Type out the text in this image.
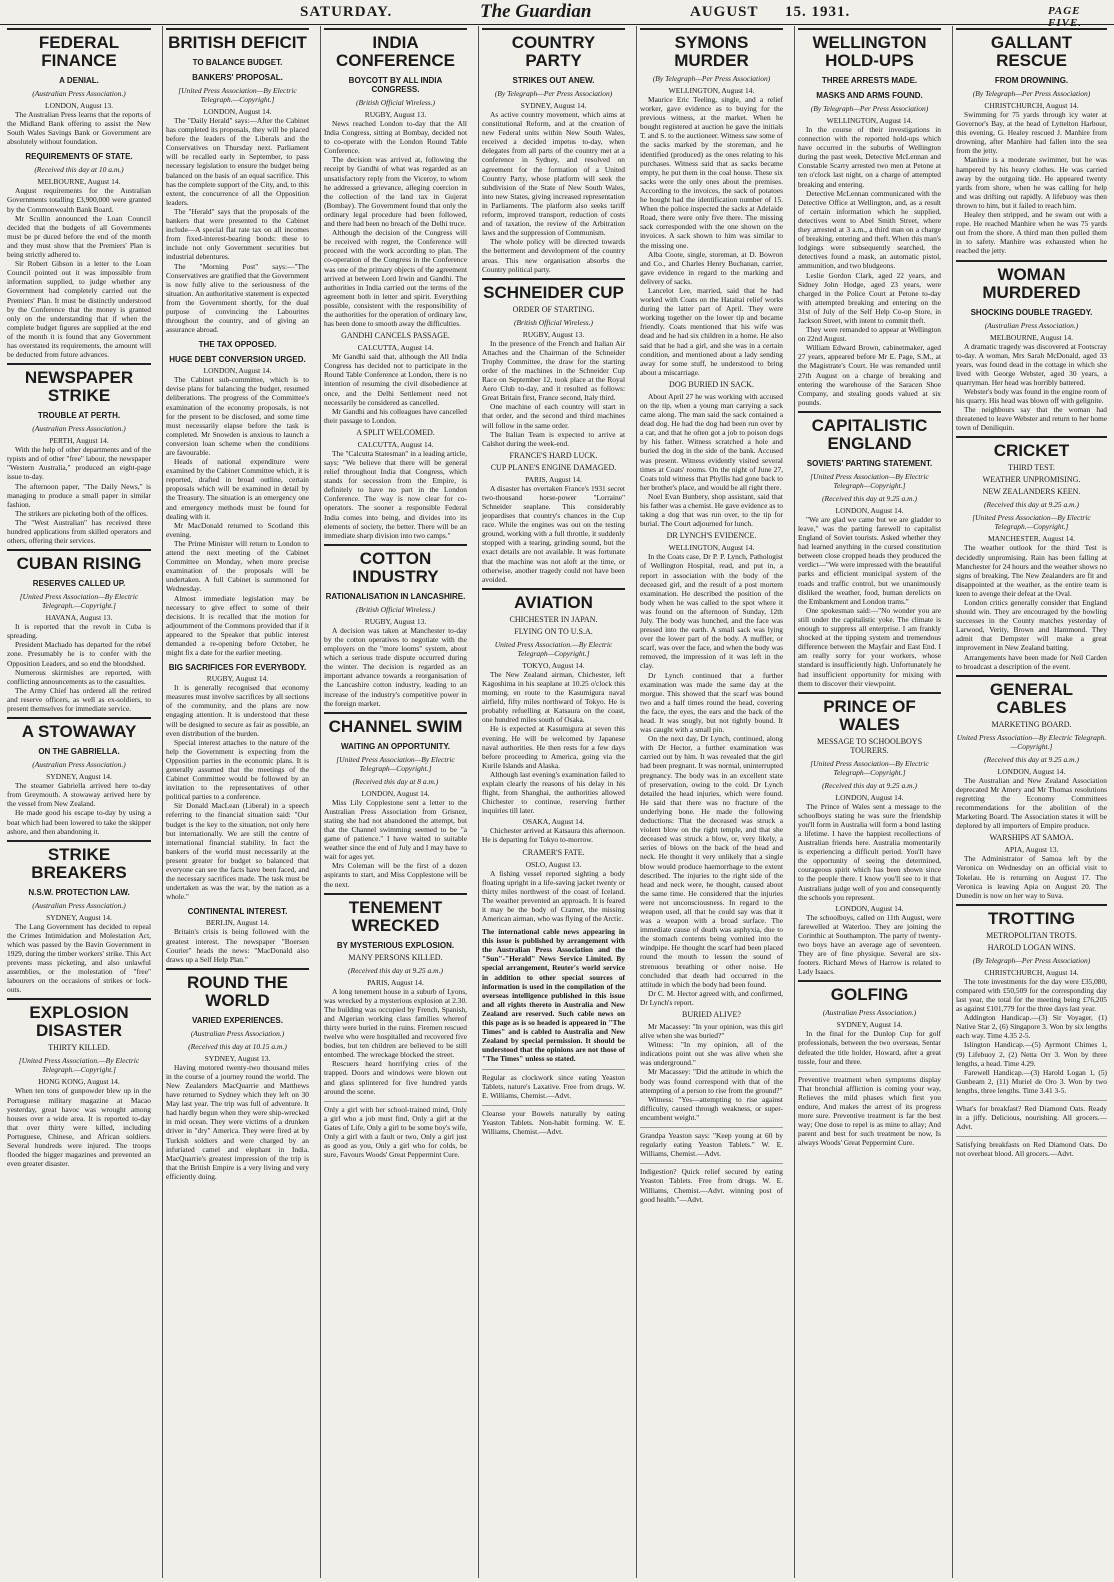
SATURDAY.	The Guardian	AUGUST 15. 1931.	PAGE FIVE.
FEDERAL FINANCE
A DENIAL.
(Australian Press Association.)
LONDON, August 13.

The Australian Press learns that the reports of the Midland Bank offering to assist the New South Wales Savings Bank or Government are absolutely without foundation.

REQUIREMENTS OF STATE.
(Received this day at 10 a.m.)
MELBOURNE, August 14.

August requirements for the Australian Governments totalling £3,900,000 were granted by the Commonwealth Bank Board.

Mr Scullin announced the Loan Council decided that the budgets of all Governments must be pr duced before the end of the month and they must show that the Premiers' Plan is being strictly adhered to.

Sir Robert Gibson in a letter to the Loan Council pointed out it was impossible from information supplied, to judge whether any Government had completely carried out the Premiers' Plan. It must be distinctly understood by the Conference that the money is granted only on the understanding that if when the complete budget figures are supplied at the end of the month it is found that any Government has overstated its requirements, the amount will be deducted from future advances.

NEWSPAPER STRIKE
TROUBLE AT PERTH.
(Australian Press Association.)
PERTH, August 14.

With the help of other departments and of the typists and of other "free" labour, the newspaper "Western Australia," produced an eight-page issue to-day.

The afternoon paper, "The Daily News," is managing to produce a small paper in similar fashion.

The strikers are picketing both of the offices.

The "West Australian" has received three hundred applications from skilled operators and others, offering their services.

CUBAN RISING
RESERVES CALLED UP.
[United Press Association—By Electric Telegraph.—Copyright.]
HAVANA, August 13.

It is reported that the revolt in Cuba is spreading.

President Machado has departed for the rebel zone. Presumably he is to confer with the Opposition Leaders, and so end the bloodshed.

Numerous skirmishes are reported, with conflicting announcements as to the casualties.

The Army Chief has ordered all the retired and reserve officers, as well as ex-soldiers, to present themselves for immediate service.

A STOWAWAY
ON THE GABRIELLA.
(Australian Press Association.)
SYDNEY, August 14.

The steamer Gabriella arrived here to-day from Greymouth. A stowaway arrived here by the vessel from New Zealand.

He made good his escape to-day by using a boat which had been lowered to take the skipper ashore, and then abandoning it.

STRIKE BREAKERS
N.S.W. PROTECTION LAW.
(Australian Press Association.)
SYDNEY, August 14.

The Lang Government has decided to repeal the Crimes Intimidation and Molestation Act, which was passed by the Bavin Government in 1929, during the timber workers' strike. This Act prevents mass picketing, and also unlawful assemblies, or the molestation of "free" labourers on the occasions of strikes or lock-outs.

EXPLOSION DISASTER
THIRTY KILLED.
[United Press Association.—By Electric Telegraph.—Copyright.]
HONG KONG, August 14.

When ten tons of gunpowder blew up in the Portuguese military magazine at Macao yesterday, great havoc was wrought among houses over a wide area. It is reported to-day that over thirty were killed, including Portuguese, Chinese, and African soldiers. Several hundreds were injured. The troops flooded the bigger magazines and prevented an even greater disaster.

BRITISH DEFICIT
TO BALANCE BUDGET.
BANKERS' PROPOSAL.
[United Press Association—By Electric Telegraph.—Copyright.]
LONDON, August 14.

The "Daily Herald" says:—After the Cabinet has completed its proposals, they will be placed before the leaders of the Liberals and the Conservatives on Thursday next. Parliament will be recalled early in September, to pass necessary legislation to ensure the budget being balanced on the basis of an equal sacrifice. This has the complete support of the City, and, to this extent, the concurrence of all the Opposition leaders.

The "Herald" says that the proposals of the bankers that were presented to the Cabinet include—A special flat rate tax on all incomes from fixed-interest-bearing bonds: these to include not only Government securities but industrial debentures.

The "Morning Post" says:—"The Conservatives are gratified that the Government is now fully alive to the seriousness of the situation. An authoritative statement is expected from the Government shortly, for the dual purpose of convincing the Labourites throughout the country, and of giving an assurance abroad.

THE TAX OPPOSED.
HUGE DEBT CONVERSION URGED.
LONDON, August 14.

The Cabinet sub-committee, which is to devise plans for balancing the budget, resumed deliberations. The progress of the Committee's examination of the economy proposals, is not for the present to be disclosed, and some time must necessarily elapse before the task is completed. Mr Snowden is anxious to launch a conversion loan scheme when the conditions are favourable.

Heads of national expenditure were examined by the Cabinet Committee which, it is reported, drafted in broad outline, certain proposals which will be examined in detail by the Treasury. The situation is an emergency one and emergency methods must be found for dealing with it.

Mr MacDonald returned to Scotland this evening.

The Prime Minister will return to London to attend the next meeting of the Cabinet Committee on Monday, when more precise examination of the proposals will be undertaken. A full Cabinet is summoned for Wednesday.

Almost immediate legislation may be necessary to give effect to some of their decisions. It is recalled that the motion for adjournment of the Commons provided that if it appeared to the Speaker that public interest demanded a re-opening before October, he might fix a date for the earlier meeting.

BIG SACRIFICES FOR EVERYBODY.
RUGBY, August 14.

It is generally recognised that economy measures must involve sacrifices by all sections of the community, and the plans are now engaging attention. It is understood that these will be designed to secure as fair as possible, an even distribution of the burden.

Special interest attaches to the nature of the help the Government is expecting from the Opposition parties in the economic plans. It is generally assumed that the meetings of the Cabinet Committee would be followed by an invitation to the representatives of other political parties to a conference.

Sir Donald MacLean (Liberal) in a speech referring to the financial situation said: "Our budget is the key to the situation, not only here but internationally. We are still the centre of international financial stability. In fact the bankers of the world must necessarily at the present greater for budget so balanced that everyone can see the facts have been faced, and the necessary sacrifices made. The task must be undertaken as was the war, by the nation as a whole."

CONTINENTAL INTEREST.
BERLIN, August 14.

Britain's crisis is being followed with the greatest interest. The newspaper "Boersen Courier" heads the news: "MacDonald also draws up a Self Help Plan."

ROUND THE WORLD
VARIED EXPERIENCES.
(Australian Press Association.)
(Received this day at 10.15 a.m.)
SYDNEY, August 13.

Having motored twenty-two thousand miles in the course of a journey round the world. The New Zealanders MacQuarrie and Matthews have returned to Sydney which they left on 30 May last year. The trip was full of adventure. It had hardly begun when they were ship-wrecked in mid ocean. They were victims of a drunken driver in "dry" America. They were fired at by Turkish soldiers and were charged by an infuriated camel and elephant in India. MacQuarrie's greatest impression of the trip is that the British Empire is a very living and very efficiently doing.

INDIA CONFERENCE
BOYCOTT BY ALL INDIA CONGRESS.
(British Official Wireless.)
RUGBY, August 13.

News reached London to-day that the All India Congress, sitting at Bombay, decided not to co-operate with the London Round Table Conference.

The decision was arrived at, following the receipt by Gandhi of what was regarded as an unsatisfactory reply from the Viceroy, to whom he addressed a grievance, alleging coercion in the collection of the land tax in Gujerat (Bombay). The Government found that only the ordinary legal procedure had been followed, and there had been no breach of the Delhi truce.

Although the decision of the Congress will be received with regret, the Conference will proceed with the work according to plan. The co-operation of the Congress in the Conference was one of the primary objects of the agreement arrived at between Lord Irwin and Gandhi. The authorities in India carried out the terms of the agreement both in letter and spirit. Everything possible, consistent with the responsibility of the authorities for the operation of ordinary law, has been done to smooth away the difficulties.

GANDHI CANCELS PASSAGE.
CALCUTTA, August 14.

Mr Gandhi said that, although the All India Congress has decided not to participate in the Round Table Conference at London, there is no intention of resuming the civil disobedience at once, and the Delhi Settlement need not necessarily be considered as cancelled.

Mr Gandhi and his colleagues have cancelled their passage to London.

A SPLIT WELCOMED.
CALCUTTA, August 14.

The "Calcutta Statesman" in a leading article, says: "We believe that there will be general relief throughout India that Congress, which stands for secession from the Empire, is definitely to have no part in the London Conference. The way is now clear for co-operators. The sooner a responsible Federal India comes into being, and divides into its elements of society, the better. There will be an immediate sharp division into two camps."

COTTON INDUSTRY
RATIONALISATION IN LANCASHIRE.
(British Official Wireless.)
RUGBY, August 13.

A decision was taken at Manchester to-day by the cotton operatives to negotiate with the employers on the "more looms" system, about which a serious trade dispute occurred during the winter. The decision is regarded as an important advance towards a reorganisation of the Lancashire cotton industry, leading to an increase of the industry's competitive power in the foreign market.

CHANNEL SWIM
WAITING AN OPPORTUNITY.
[United Press Association—By Electric Telegraph—Copyright.]
(Received this day at 8 a.m.)
LONDON, August 14.

Miss Lily Copplestone sent a letter to the Australian Press Association from Grisnez, stating she had not abandoned the attempt, but that the Channel swimming seemed to be "a game of patience." I have waited to suitable weather since the end of July and I may have to wait for ages yet.

Mrs Coleman will be the first of a dozen aspirants to start, and Miss Copplestone will be the next.

TENEMENT WRECKED
BY MYSTERIOUS EXPLOSION.
MANY PERSONS KILLED.
(Received this day at 9.25 a.m.)
PARIS, August 14.

A long tenement house in a suburb of Lyons, was wrecked by a mysterious explosion at 2.30. The building was occupied by French, Spanish, and Algerian working class families whereof thirty were buried in the ruins. Firemen rescued twelve who were hospitalled and recovered five bodies, but ten children are believed to be still entombed. The wreckage blocked the street.

Rescuers heard horrifying cries of the trapped. Doors and windows were blown out and glass splintered for five hundred yards around the scene.

Only a girl with her school-trained mind, Only a girl who a job must find, Only a girl at the Gates of Life, Only a girl to be some boy's wife, Only a girl with a fault or two, Only a girl just as good as you, Only a girl who for colds, be sure, Favours Woods' Great Peppermint Cure.
COUNTRY PARTY
STRIKES OUT ANEW.
(By Telegraph—Per Press Association)
SYDNEY, August 14.

As active country movement, which aims at constitutional Reform, and at the creation of new Federal units within New South Wales, received a decided impetus to-day, when delegates from all parts of the country met at a conference in Sydney, and resolved on agreement for the formation of a United Country Party, whose platform will seek the subdivision of the State of New South Wales, into new States, giving increased representation in Parliaments. The platform also seeks tariff reform, improved transport, reduction of costs and of taxation, the review of the Arbitration laws and the suppression of Communism.

The whole policy will be directed towards the betterment and development of the country areas. This new organisation absorbs the Country political party.

SCHNEIDER CUP
ORDER OF STARTING.
(British Official Wireless.)
RUGBY, August 13.

In the presence of the French and Italian Air Attaches and the Chairman of the Schneider Trophy Committee, the draw for the starting order of the machines in the Schneider Cup Race on September 12, took place at the Royal Aero Club to-day, and it resulted as follows: Great Britain first, France second, Italy third.

One machine of each country will start in that order, and the second and third machines will follow in the same order.

The Italian Team is expected to arrive at Calshot during the week-end.

FRANCE'S HARD LUCK.
CUP PLANE'S ENGINE DAMAGED.
PARIS, August 14.

A disaster has overtaken France's 1931 secret two-thousand horse-power "Lorraine" Schneider seaplane. This considerably jeopardises that country's chances in the Cup race. While the engines was out on the testing ground, working with a full throttle, it suddenly stopped with a tearing, grinding sound, but the exact details are not available. It was fortunate that the machine was not aloft at the time, or otherwise, another tragedy could not have been avoided.

AVIATION
CHICHESTER IN JAPAN.
FLYING ON TO U.S.A.
United Press Association.—By Electric Telegraph—Copyright.]
TOKYO, August 14.

The New Zealand airman, Chichester, left Kagoshima in his seaplane at 10.25 o'clock this morning, en route to the Kasumigura naval airfield, fifty miles northward of Tokyo. He is probably refuelling at Katsaura on the coast, one hundred miles south of Osaka.

He is expected at Kasumigura at seven this evening. He will be welcomed by Japanese naval authorities. He then rests for a few days before proceeding to America, going via the Kurile Islands and Alaska.

Although last evening's examination failed to explain clearly the reasons of his delay in his flight, from Shanghai, the authorities allowed Chichester to continue, reserving further inquiries till later.

OSAKA, August 14.

Chichester arrived at Katsaura this afternoon. He is departing for Tokyo to-morrow.

CRAMER'S FATE.
OSLO, August 13.

A fishing vessel reported sighting a body floating upright in a life-saving jacket twenty or thirty miles northwest of the coast of Iceland. The weather prevented an approach. It is feared it may be the body of Cramer, the missing American airman, who was flying of the Arctic.

The international cable news appearing in this issue is published by arrangement with the Australian Press Association and the "Sun"-"Herald" News Service Limited. By special arrangement, Reuter's world service in addition to other special sources of information is used in the compilation of the overseas intelligence published in this issue and all rights thereto in Australia and New Zealand are reserved. Such cable news on this page as is so headed is appeared in "The Times" and is cabled to Australia and New Zealand by special permission. It should be understood that the opinions are not those of "The Times" unless so stated.
Regular as clockwork since eating Yeaston Tablets, nature's Laxative. Free from drugs. W. E. Williams, Chemist.—Advt.
Cleanse your Bowels naturally by eating Yeaston Tablets. Non-habit forming. W. E. Williams, Chemist.—Advt.
SYMONS MURDER
(By Telegraph—Per Press Association)
WELLINGTON, August 14.

Maurice Eric Teeling, single, and a relief worker, gave evidence as to buying for the previous witness, at the market. When he bought registered at auction he gave the initials T. and S. to the auctioneer. Witness saw some of the sacks marked by the storeman, and he identified (produced) as the ones relating to his purchases. Witness said that as sacks became empty, he put them in the coal house. These six sacks were the only ones about the premises. According to the invoices, the sack of potatoes he bought had the identification number of 15. When the police inspected the sacks at Adelaide Road, there were only five there. The missing sack corresponded with the one shown on the invoices. A sack shown to him was similar to the missing one.

Alba Coote, single, storeman, at D. Bowron and Co., and Charles Henry Buchanan, carrier, gave evidence in regard to the marking and delivery of sacks.

Lancelot Lee, married, said that he had worked with Coats on the Hataitai relief works during the latter part of April. They were working together on the lower tip and became friendly. Coats mentioned that his wife was dead and he had six children in a home. He also said that he had a girl, and she was in a certain condition, and mentioned about a lady sending away for some stuff, he understood to bring about a miscarriage.

DOG BURIED IN SACK.

About April 27 he was working with accused on the tip, when a young man carrying a sack came along. The man said the sack contained a dead dog. He had the dog had been run over by a car, and that he often got a job to poison dogs by his father. Witness scratched a hole and buried the dog in the side of the bank. Accused was present. Witness evidently visited several times at Coats' rooms. On the night of June 27, Coats told witness that Phyllis had gone back to her brother's place, and would be all right there.

Noel Evan Bunbery, shop assistant, said that his father was a chemist. He gave evidence as to taking a dog that was run over, to the tip for burial. The Court adjourned for lunch.

DR LYNCH'S EVIDENCE.
WELLINGTON, August 14.

In the Coats case, Dr P. P. Lynch, Pathologist of Wellington Hospital, read, and put in, a report in association with the body of the deceased girl, and the result of a post mortem examination. He described the position of the body when he was called to the spot where it was found on the afternoon of Sunday, 12th July. The body was hunched, and the face was pressed into the earth. A small sack was lying over the lower part of the body. A muffler, or scarf, was over the face, and when the body was removed, the impression of it was left in the clay.

Dr Lynch continued that a further examination was made the same day at the morgue. This showed that the scarf was bound two and a half times round the head, covering the face, the eyes, the ears and the back of the head. It was snugly, but not tightly bound. It was caught with a small pin.

On the next day, Dr Lynch, continued, along with Dr Hector, a further examination was carried out by him. It was revealed that the girl had been pregnant. It was normal, uninterrupted pregnancy. The body was in an excellent state of preservation, owing to the cold. Dr Lynch detailed the head injuries, which were found. He said that there was no fracture of the underlying bone. He made the following deductions: That the deceased was struck a violent blow on the right temple, and that she deceased was struck a blow, or, very likely, a series of blows on the back of the head and neck. He thought it very unlikely that a single blow would produce haemorrhage to the extent described. The injuries to the right side of the head and neck were, he thought, caused about the same time. He considered that the injuries were not unconsciousness. In regard to the weapon used, all that he could say was that it was a weapon with a broad surface. The immediate cause of death was asphyxia, due to the stomach contents being vomited into the windpipe. He thought the scarf had been placed round the mouth to lessen the sound of strenuous breathing or other noise. He concluded that death had occurred in the attitude in which the body had been found.

Dr C. M. Hector agreed with, and confirmed, Dr Lynch's report.

BURIED ALIVE?

Mr Macassey: "In your opinion, was this girl alive when she was buried?"

Witness: "In my opinion, all of the indications point out she was alive when she was underground."

Mr Macassey: "Did the attitude in which the body was found correspond with that of the attempting of a person to rise from the ground?"

Witness: "Yes—attempting to rise against difficulty, caused through weakness, or super-encumbent weight."

Grandpa Yeaston says: "Keep young at 60 by regularly eating Yeaston Tablets." W. E. Williams, Chemist.—Advt.
Indigestion? Quick relief secured by eating Yeaston Tablets. Free from drugs. W. E. Williams, Chemist.—Advt. winning post of good health."—Advt.
WELLINGTON HOLD-UPS
THREE ARRESTS MADE.
MASKS AND ARMS FOUND.
(By Telegraph—Per Press Association)
WELLINGTON, August 14.

In the course of their investigations in connection with the reported hold-ups which have occurred in the suburbs of Wellington during the past week, Detective McLennan and Constable Scarry arrested two men at Petone at ten o'clock last night, on a charge of attempted breaking and entering.

Detective McLennan communicated with the Detective Office at Wellington, and, as a result of certain information which he supplied, detectives went to Abel Smith Street, where they arrested at 3 a.m., a third man on a charge of breaking, entering and theft. When this man's lodgings were subsequently searched, the detectives found a mask, an automatic pistol, ammunition, and two bludgeons.

Leslie Gordon Clark, aged 22 years, and Sidney John Hodge, aged 23 years, were charged in the Police Court at Petone to-day with attempted breaking and entering on the 31st of July of the Self Help Co-op Store, in Jackson Street, with intent to commit theft.

They were remanded to appear at Wellington on 22nd August.

William Edward Brown, cabinetmaker, aged 27 years, appeared before Mr E. Page, S.M., at the Magistrate's Court. He was remanded until 27th August on a charge of breaking and entering the warehouse of the Saracen Shoe Company, and stealing goods valued at six pounds.

CAPITALISTIC ENGLAND
SOVIETS' PARTING STATEMENT.
[United Press Association—By Electric Telegraph—Copyright.]
(Received this day at 9.25 a.m.)
LONDON, August 14.

"We are glad we came but we are gladder to leave," was the parting farewell to capitalist England of Soviet tourists. Asked whether they had learned anything in the cursed constitution between close cropped heads they produced the verdict—"We were impressed with the beautiful parks and efficient municipal system of the roads and traffic control, but we unanimously disliked the weather, food, human derelicts on the Embankment and London trams."

One spokesman said:—"No wonder you are still under the capitalistic yoke. The climate is enough to suppress all enterprise. I am frankly shocked at the tipping system and tremendous difference between the Mayfair and East End. I am really sorry for your workers, whose standard is insufficiently high. Unfortunately he had insufficient opportunity for mixing with them to discover their viewpoint.

PRINCE OF WALES
MESSAGE TO SCHOOLBOYS TOURERS.
[United Press Association—By Electric Telegraph—Copyright.]
(Received this day at 9.25 a.m.)
LONDON, August 14.

The Prince of Wales sent a message to the schoolboys stating he was sure the friendship you'll form in Australia will form a bond lasting a lifetime. I have the happiest recollections of Australian friends here. Australia momentarily is experiencing a difficult period. You'll have the opportunity of seeing the determined, courageous spirit which has been shown since to the people there. I know you'll see to it that Australians judge well of you and consequently the schools you represent.

LONDON, August 14.

The schoolboys, called on 11th August, were farewelled at Waterloo. They are joining the Corinthic at Southampton. The party of twenty-two boys have an average age of seventeen. They are of fine physique. Several are six-footers. Richard Mews of Harrow is related to Lady Isaacs.

GOLFING
(Australian Press Association.)
SYDNEY, August 14.

In the final for the Dunlop Cup for golf professionals, between the two overseas, Sentar defeated the title holder, Howard, after a great tussle, four and three.

Preventive treatment when symptoms display That bronchial affliction is coming your way, Relieves the mild phases which first you endure, And makes the arrest of its progress more sure. Preventive treatment is far the best way; One dose to repel is as mine to allay; And parent and best for such treatment be now, Is always Woods' Great Peppermint Cure.
GALLANT RESCUE
FROM DROWNING.
(By Telegraph—Per Press Association)
CHRISTCHURCH, August 14.

Swimming for 75 yards through icy water at Governor's Bay, at the head of Lyttelton Harbour, this evening, G. Healey rescued J. Manhire from drowning, after Manhire had fallen into the sea from the jetty.

Manhire is a moderate swimmer, but he was hampered by his heavy clothes. He was carried away by the outgoing tide. He appeared twenty yards from shore, when he was calling for help and was drifting out rapidly. A lifebuoy was then thrown to him, but it failed to reach him.

Healey then stripped, and he swam out with a rope. He reached Manhire when he was 75 yards out from the shore. A third man then pulled them in to safety. Manhire was exhausted when he reached the jetty.

WOMAN MURDERED
SHOCKING DOUBLE TRAGEDY.
(Australian Press Association.)
MELBOURNE, August 14.

A dramatic tragedy was discovered at Footscray to-day. A woman, Mrs Sarah McDonald, aged 33 years, was found dead in the cottage in which she lived with George Webster, aged 30 years, a quarryman. Her head was horribly battered.

Webster's body was found in the engine room of his quarry. His head was blown off with gelignite.

The neighbours say that the woman had threatened to leave Webster and return to her home town of Deniliquin.

CRICKET
THIRD TEST.
WEATHER UNPROMISING.
NEW ZEALANDERS KEEN.
(Received this day at 9.25 a.m.)
[United Press Association—By Electric Telegraph.—Copyright.]
MANCHESTER, August 14.

The weather outlook for the third Test is decidedly unpromising. Rain has been falling at Manchester for 24 hours and the weather shows no signs of breaking. The New Zealanders are fit and disappointed at the weather, as the entire team is keen to avenge their defeat at the Oval.

London critics generally consider that England should win. They are encouraged by the bowling successes in the County matches yesterday of Larwood, Verity, Brown and Hammond. They admit that Dempster will make a great improvement in New Zealand batting.

Arrangements have been made for Neil Carden to broadcast a description of the event.

GENERAL CABLES
MARKETING BOARD.
United Press Association—By Electric Telegraph.—Copyright.]
(Received this day at 9.25 a.m.)
LONDON, August 14.

The Australian and New Zealand Association deprecated Mr Amery and Mr Thomas resolutions regretting the Economy Committees recommendations for the abolition of the Marketing Board. The Association states it will be deplored by all importers of Empire produce.

WARSHIPS AT SAMOA.
APIA, August 13.

The Administrator of Samoa left by the Veronica on Wednesday on an official visit to Tokelau. He is returning on August 17. The Veronica is leaving Apia on August 20. The Dunedin is now on her way to Suva.

TROTTING
METROPOLITAN TROTS.
HAROLD LOGAN WINS.
(By Telegraph—Per Press Association)
CHRISTCHURCH, August 14.

The tote investments for the day were £35,080, compared with £50,509 for the corresponding day last year, the total for the meeting being £76,205 as against £101,779 for the three days last year.

Addington Handicap.—(3) Sir Voyager, (1) Native Star 2, (6) Singapore 3. Won by six lengths each way. Time 4.35 2-5.

Islington Handicap.—(5) Ayrmont Chimes 1, (9) Lifebuoy 2, (2) Netta Orr 3. Won by three lengths, a head. Time 4.29.

Farewell Handicap.—(3) Harold Logan 1, (5) Gunbeam 2, (11) Muriel de Oro 3. Won by two lengths, three lengths. Time 3.41 3-5.

What's for breakfast? Red Diamond Oats. Ready in a jiffy. Delicious, nourishing. All grocers.—Advt.
Satisfying breakfasts on Red Diamond Oats. Do not overheat blood. All grocers.—Advt.
